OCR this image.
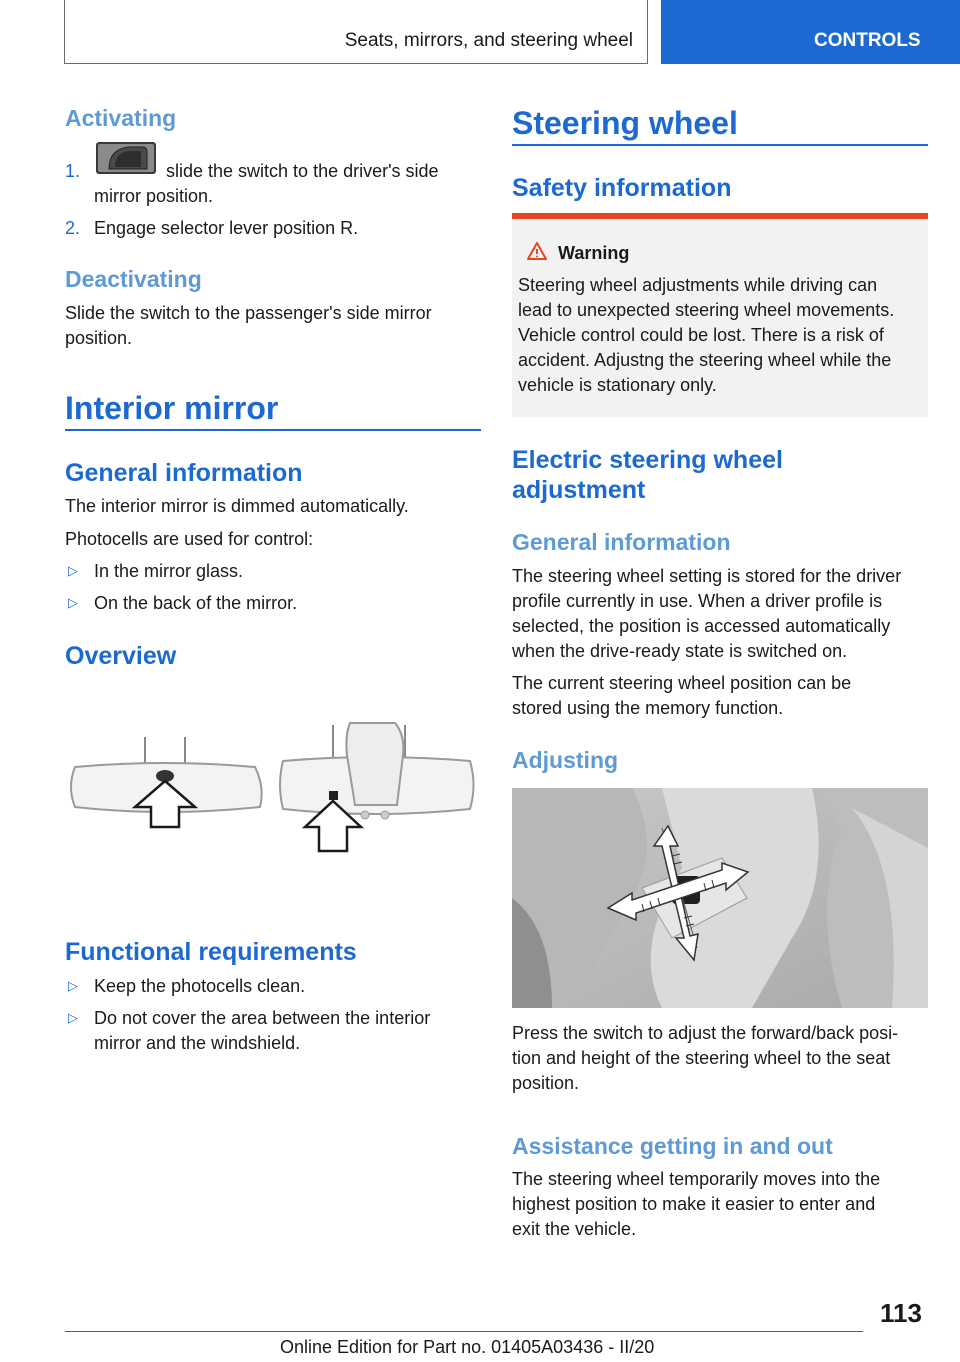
Seats, mirrors, and steering wheel	CONTROLS
Activating
1.	slide the switch to the driver's side

mirror position.

2. Engage selector lever position R.

Deactivating

Slide the switch to the passenger's side mirror

position.

Interior mirror
General information

The interior mirror is dimmed automatically.

Photocells are used for control:

▷ In the mirror glass.

▷ On the back of the mirror.

Overview
Functional requirements
▷ Keep the photocells clean.

▷ Do not cover the area between the interior

mirror and the windshield.

Steering wheel
Safety information
Warning

Steering wheel adjustments while driving can

lead to unexpected steering wheel movements.

Vehicle control could be lost. There is a risk of

accident. Adjustng the steering wheel while the

vehicle is stationary only.

Electric steering wheel
adjustment
General information

The steering wheel setting is stored for the driver

profile currently in use. When a driver profile is

selected, the position is accessed automatically

when the drive-ready state is switched on.

The current steering wheel position can be

stored using the memory function.

Adjusting

Press the switch to adjust the forward/back posi‐

tion and height of the steering wheel to the seat

position.

Assistance getting in and out

The steering wheel temporarily moves into the

highest position to make it easier to enter and

exit the vehicle.

113
Online Edition for Part no. 01405A03436 - II/20
